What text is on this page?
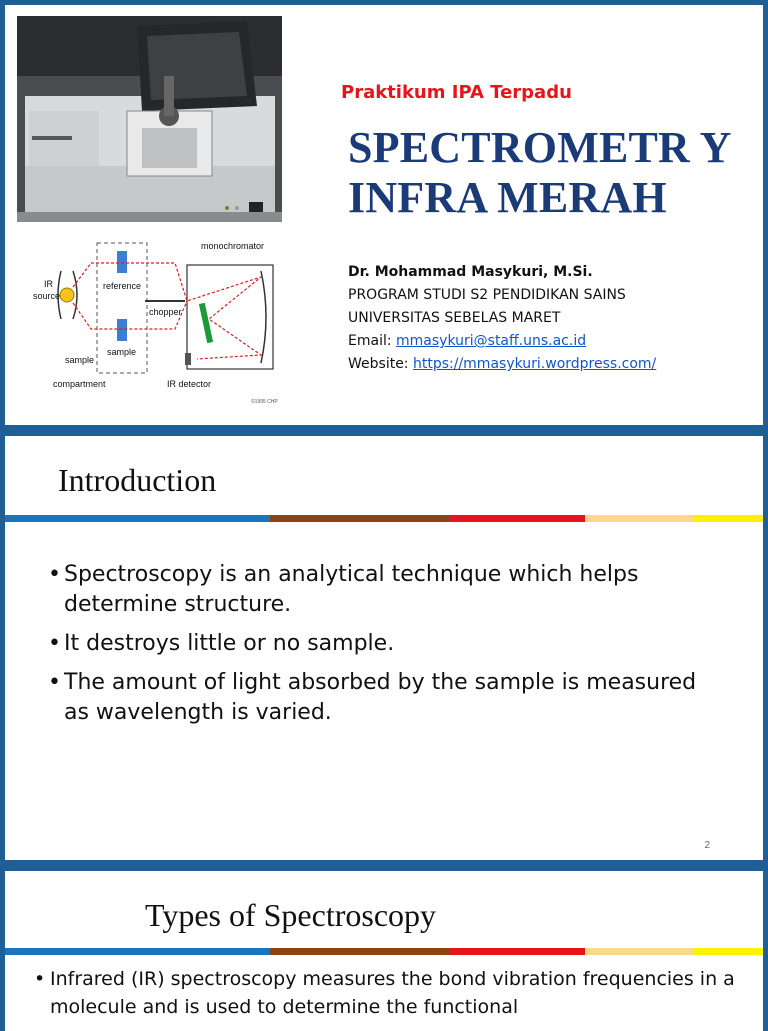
monochromator
IR
source
reference
sample
chopper
sample
compartment	IR detector
©1995 CHP
Praktikum IPA Terpadu
SPECTROMETR Y INFRA MERAH
Dr. Mohammad Masykuri, M.Si.
PROGRAM STUDI S2 PENDIDIKAN SAINS
UNIVERSITAS SEBELAS MARET
Email: mmasykuri@staff.uns.ac.id
Website: https://mmasykuri.wordpress.com/
Introduction
• Spectroscopy is an analytical technique which helps determine structure.
• It destroys little or no sample.
• The amount of light absorbed by the sample is measured as wavelength is varied.
2
Types of Spectroscopy
• Infrared (IR) spectroscopy measures the bond vibration frequencies in a molecule and is used to determine the functional
